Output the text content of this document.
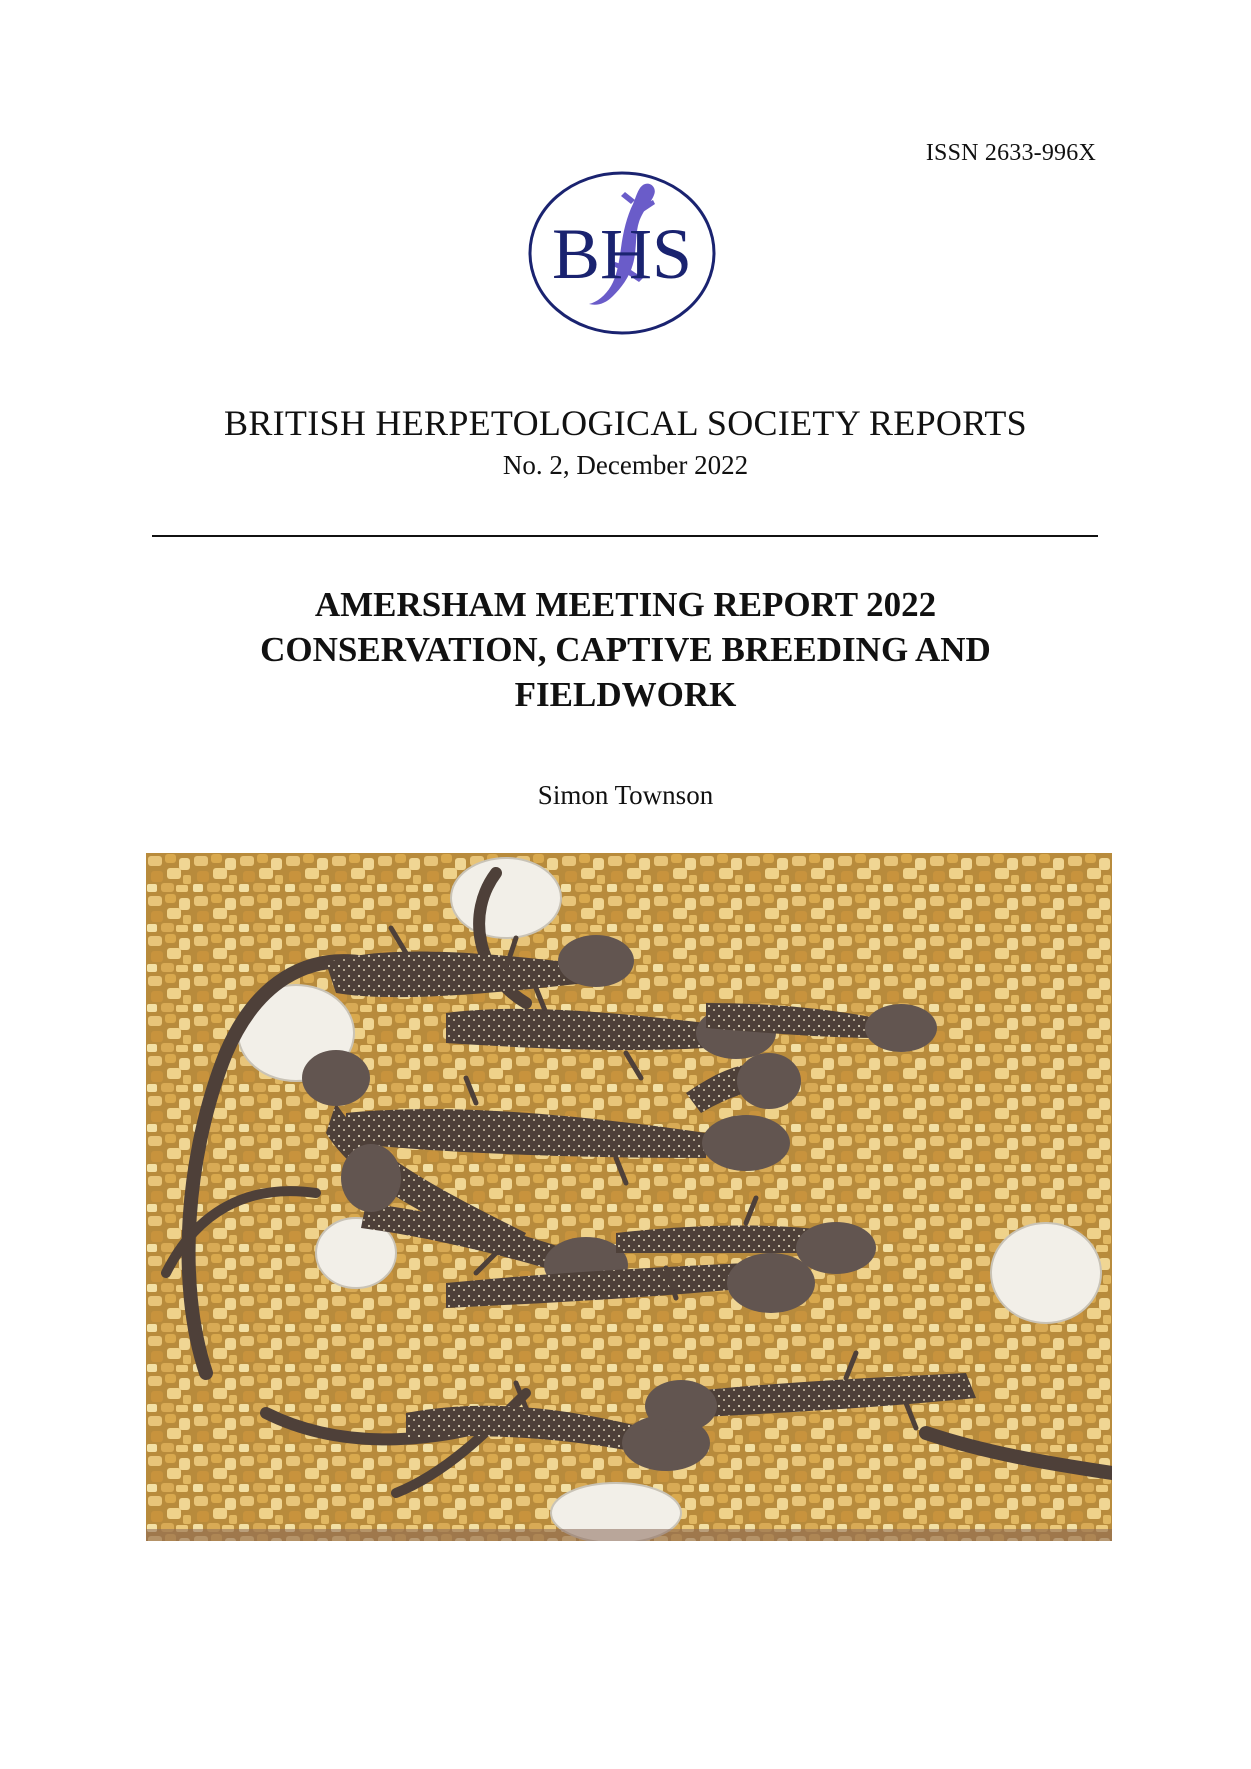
ISSN 2633-996X
BHS
BRITISH HERPETOLOGICAL SOCIETY REPORTS
No. 2, December 2022
AMERSHAM MEETING REPORT 2022
CONSERVATION, CAPTIVE BREEDING AND
FIELDWORK
Simon Townson
